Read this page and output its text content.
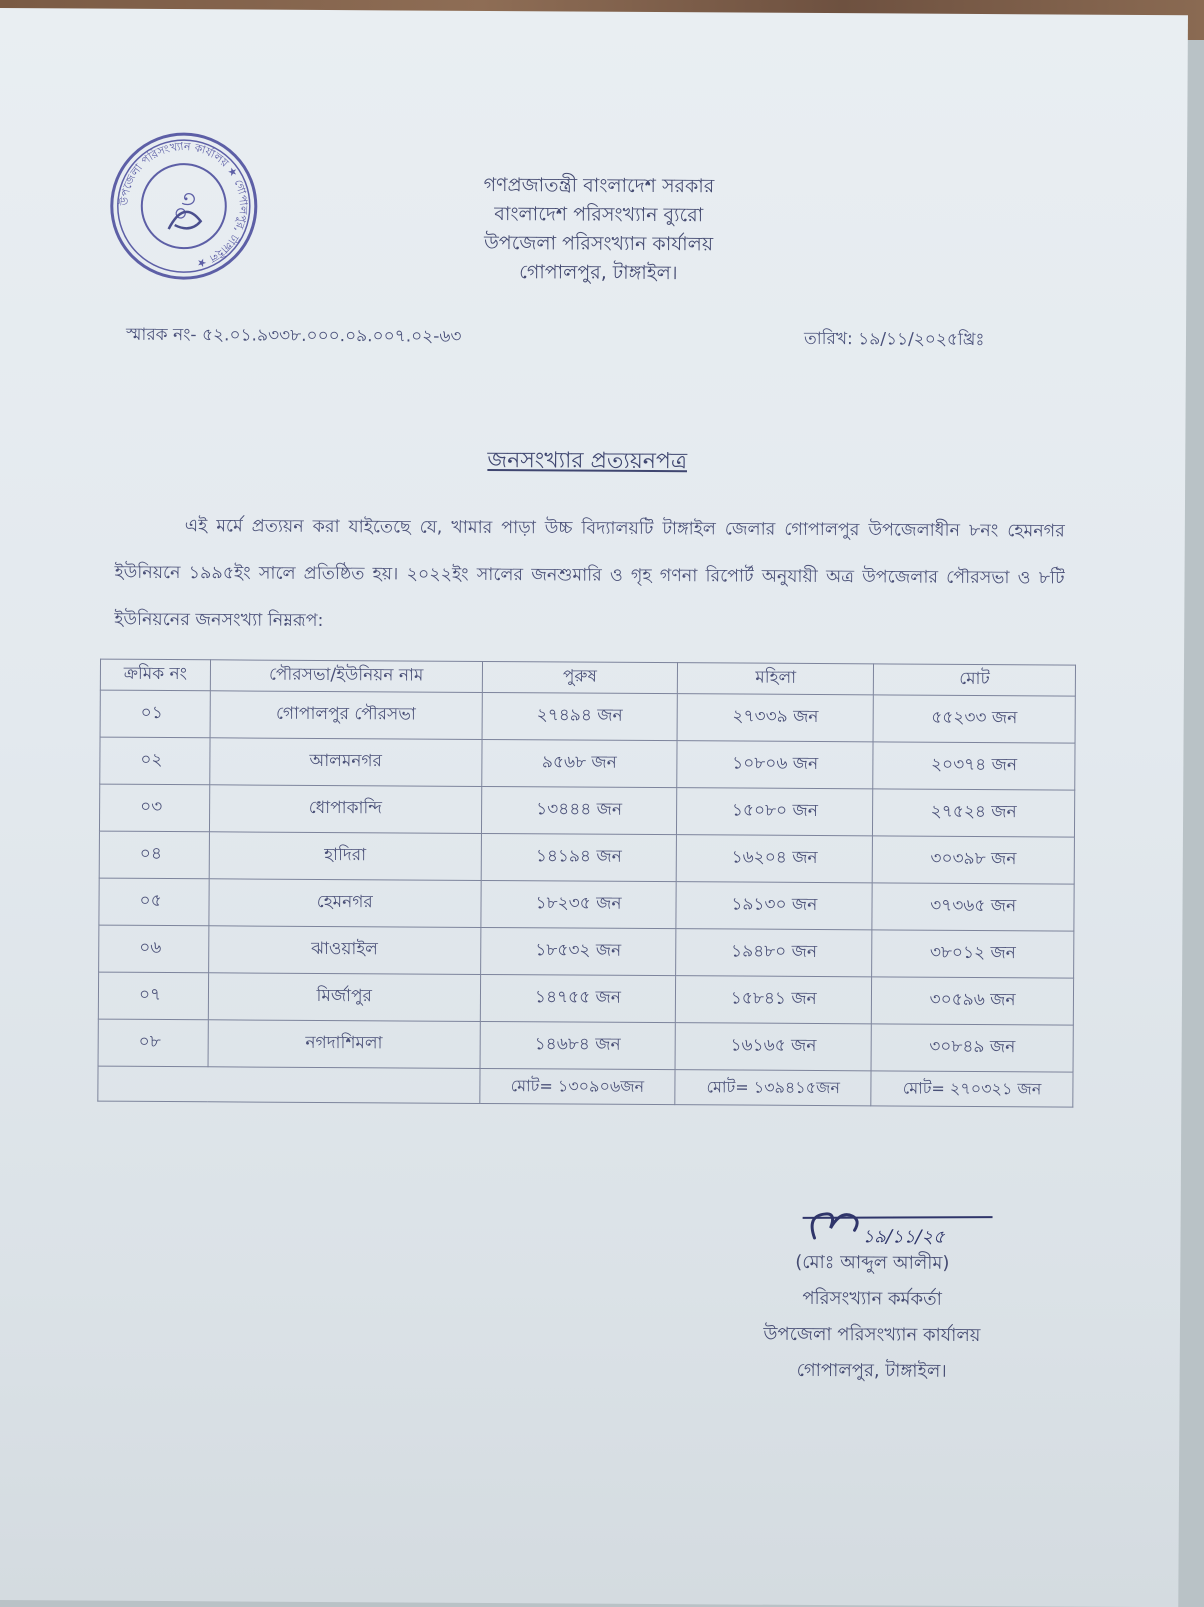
উপজেলা পরিসংখ্যান কার্যালয় ★ গোপালপুর, টাঙ্গাইল ★
০৩
গণপ্রজাতন্ত্রী বাংলাদেশ সরকার
বাংলাদেশ পরিসংখ্যান ব্যুরো
উপজেলা পরিসংখ্যান কার্যালয়
গোপালপুর, টাঙ্গাইল।
স্মারক নং- ৫২.০১.৯৩৩৮.০০০.০৯.০০৭.০২-৬৩	তারিখ: ১৯/১১/২০২৫খ্রিঃ
জনসংখ্যার প্রত্যয়নপত্র
এই মর্মে প্রত্যয়ন করা যাইতেছে যে, খামার পাড়া উচ্চ বিদ্যালয়টি টাঙ্গাইল জেলার গোপালপুর উপজেলাধীন ৮নং হেমনগর ইউনিয়নে ১৯৯৫ইং সালে প্রতিষ্ঠিত হয়। ২০২২ইং সালের জনশুমারি ও গৃহ গণনা রিপোর্ট অনুযায়ী অত্র উপজেলার পৌরসভা ও ৮টি ইউনিয়নের জনসংখ্যা নিম্নরূপ:
ক্রমিক নং	পৌরসভা/ইউনিয়ন নাম	পুরুষ	মহিলা	মোট
০১	গোপালপুর পৌরসভা	২৭৪৯৪ জন	২৭৩৩৯ জন	৫৫২৩৩ জন
০২	আলমনগর	৯৫৬৮ জন	১০৮০৬ জন	২০৩৭৪ জন
০৩	ধোপাকান্দি	১৩৪৪৪ জন	১৫০৮০ জন	২৭৫২৪ জন
০৪	হাদিরা	১৪১৯৪ জন	১৬২০৪ জন	৩০৩৯৮ জন
০৫	হেমনগর	১৮২৩৫ জন	১৯১৩০ জন	৩৭৩৬৫ জন
০৬	ঝাওয়াইল	১৮৫৩২ জন	১৯৪৮০ জন	৩৮০১২ জন
০৭	মির্জাপুর	১৪৭৫৫ জন	১৫৮৪১ জন	৩০৫৯৬ জন
০৮	নগদাশিমলা	১৪৬৮৪ জন	১৬১৬৫ জন	৩০৮৪৯ জন
		মোট= ১৩০৯০৬জন	মোট= ১৩৯৪১৫জন	মোট= ২৭০৩২১ জন
১৯/১১/২৫
(মোঃ আব্দুল আলীম)
পরিসংখ্যান কর্মকর্তা
উপজেলা পরিসংখ্যান কার্যালয়
গোপালপুর, টাঙ্গাইল।
